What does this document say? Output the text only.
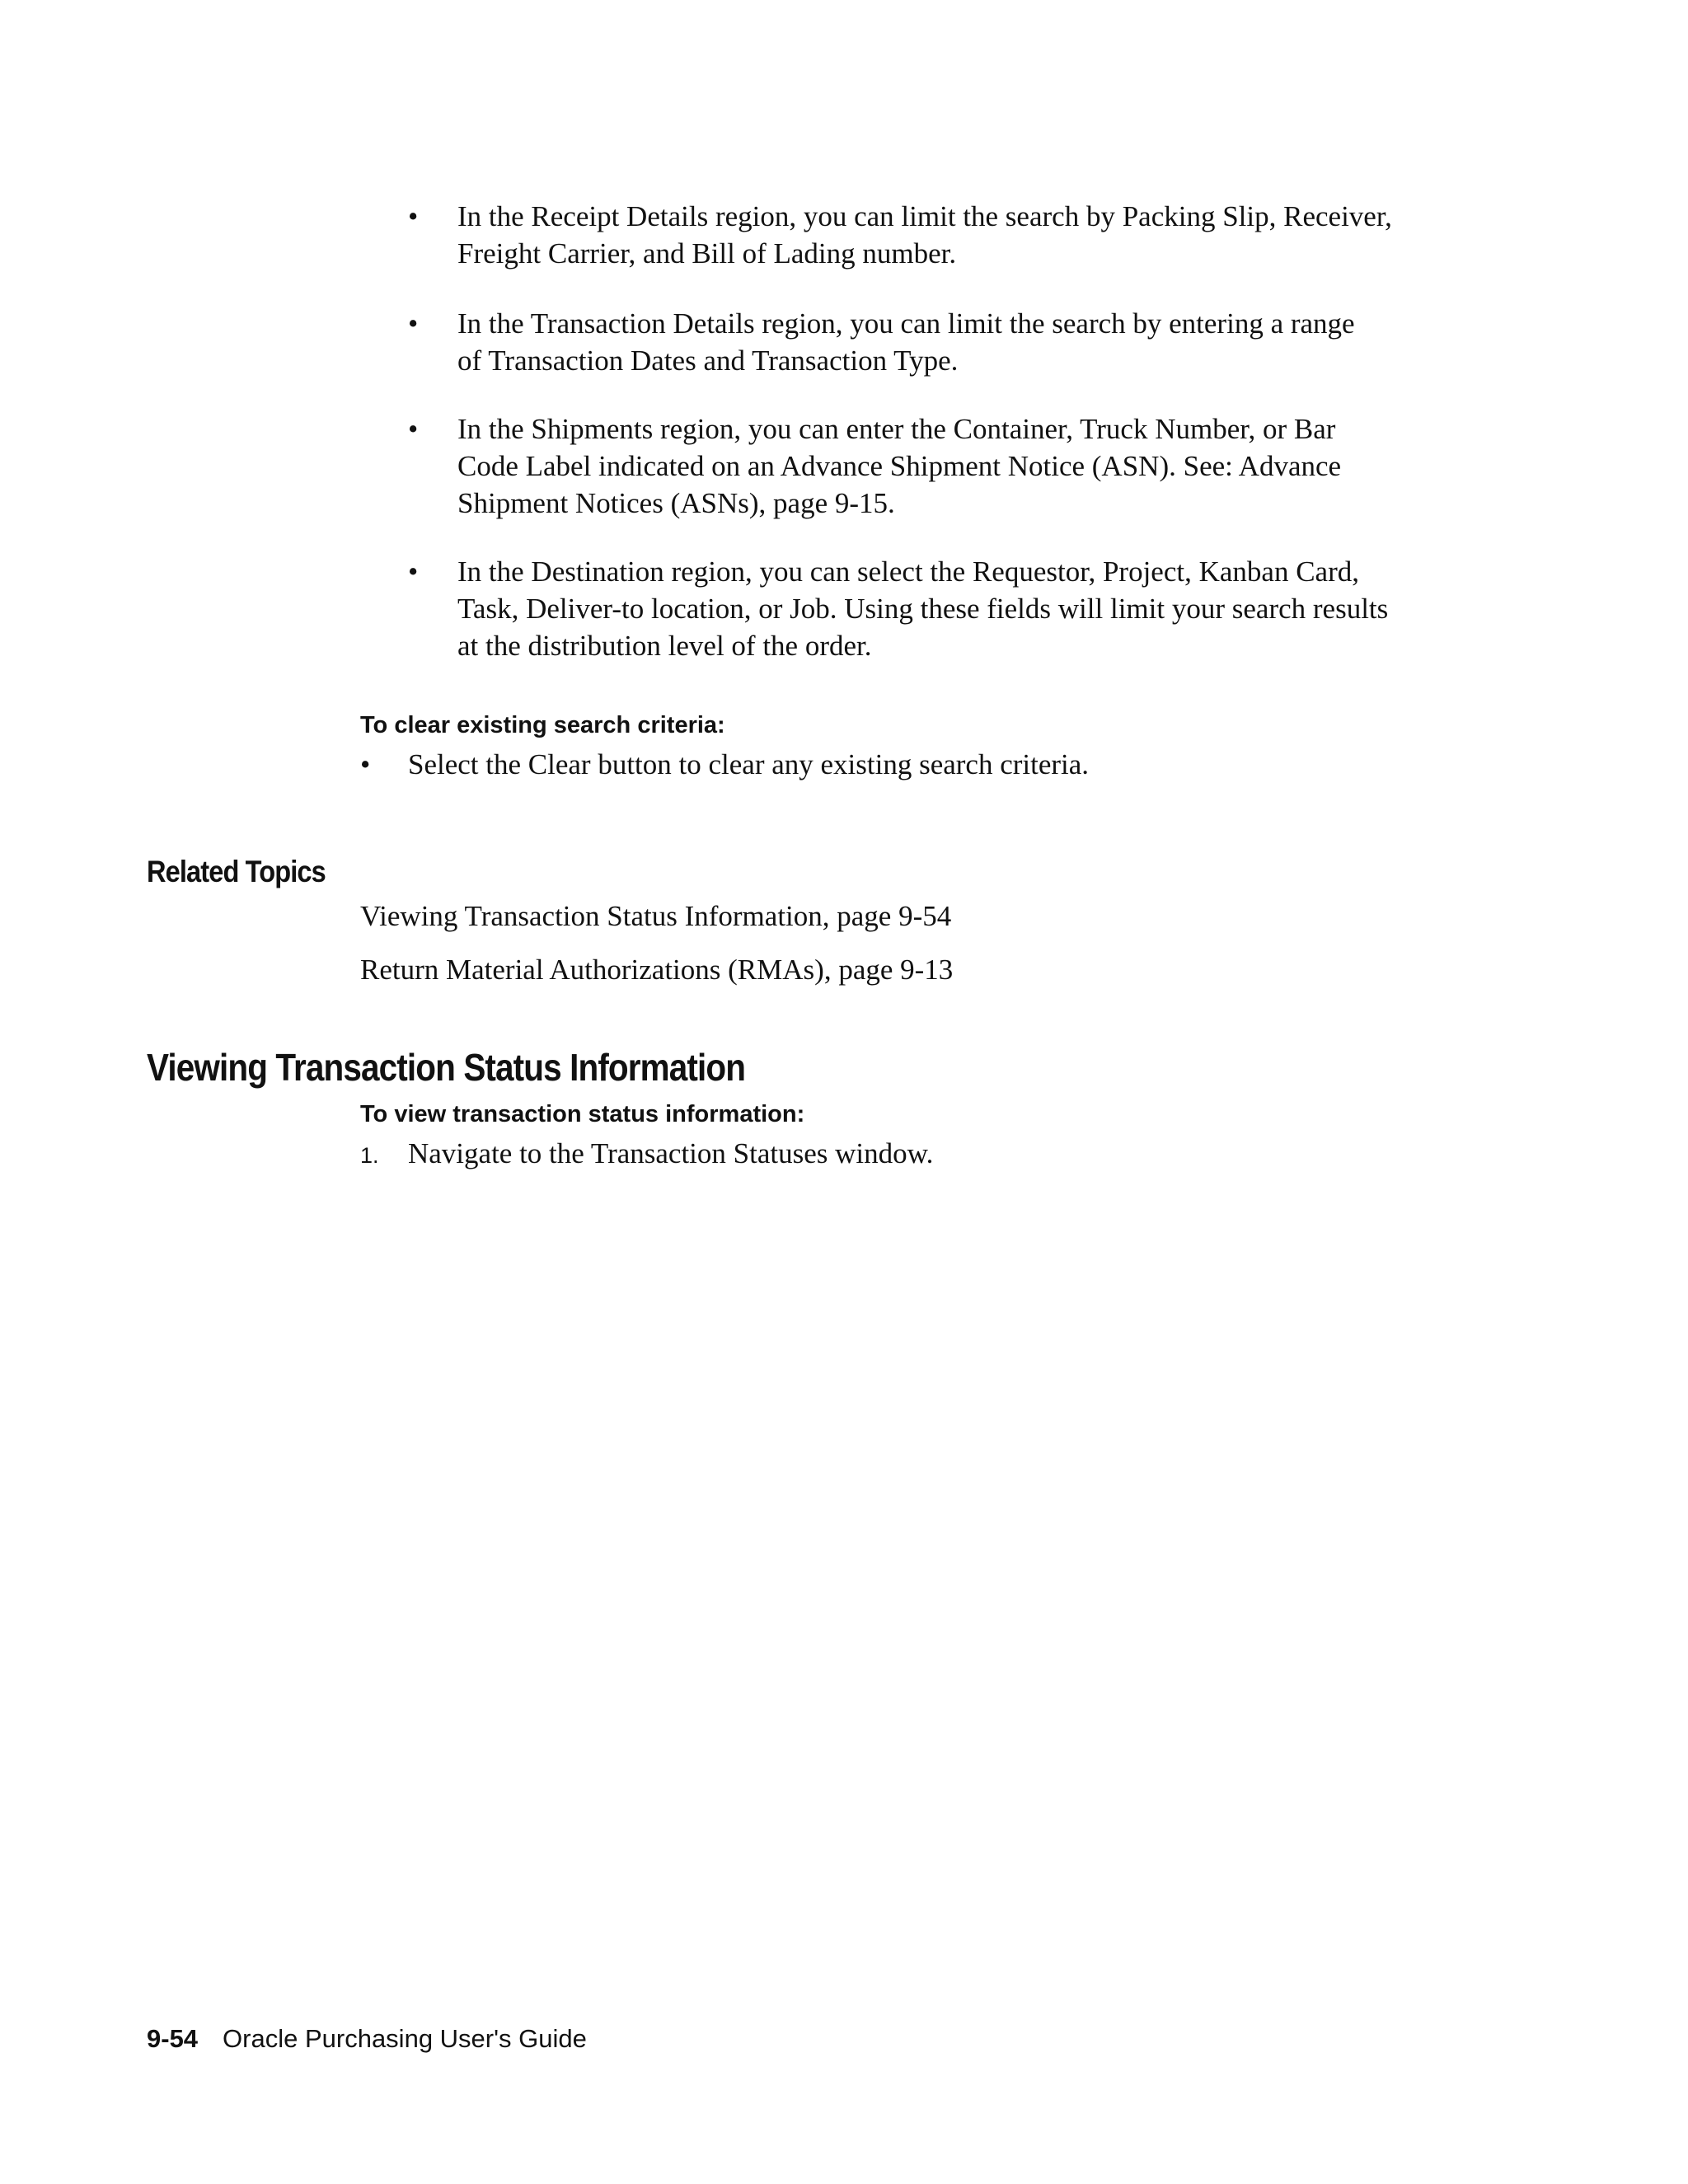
• In the Receipt Details region, you can limit the search by Packing Slip, Receiver,
Freight Carrier, and Bill of Lading number.
• In the Transaction Details region, you can limit the search by entering a range
of Transaction Dates and Transaction Type.
• In the Shipments region, you can enter the Container, Truck Number, or Bar
Code Label indicated on an Advance Shipment Notice (ASN). See: Advance
Shipment Notices (ASNs), page 9-15.
• In the Destination region, you can select the Requestor, Project, Kanban Card,
Task, Deliver-to location, or Job. Using these fields will limit your search results
at the distribution level of the order.
To clear existing search criteria:
• Select the Clear button to clear any existing search criteria.
Related Topics
Viewing Transaction Status Information, page 9-54
Return Material Authorizations (RMAs), page 9-13
Viewing Transaction Status Information
To view transaction status information:
1. Navigate to the Transaction Statuses window.
9-54 Oracle Purchasing User's Guide
